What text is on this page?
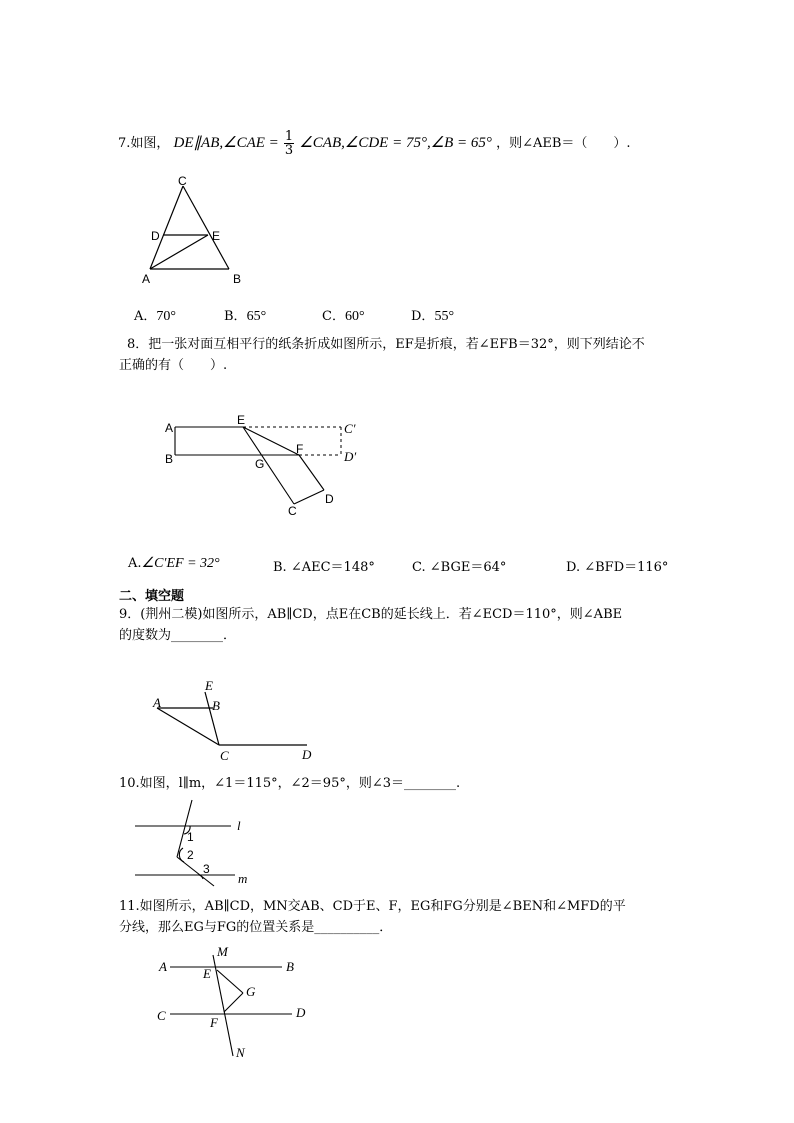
7.如图， DE∥AB,∠CAE = $\frac{1}{3}$ ∠CAB,∠CDE = 75°,∠B = 65° ，则∠AEB＝（　　）.
C
D	E
A	B
A．70°	B．65°	C．60°	D．55°
8．把一张对面互相平行的纸条折成如图所示，EF是折痕，若∠EFB＝32°，则下列结论不
正确的有（　　）.
A
B
E
F
G
C
D
C′
D′
A.∠C′EF = 32°	B. ∠AEC＝148°	C. ∠BGE＝64°	D. ∠BFD＝116°
二、填空题
9．(荆州二模)如图所示，AB∥CD，点E在CB的延长线上．若∠ECD＝110°，则∠ABE
的度数为________．
A	B
C	D
E
10.如图，l∥m，∠1＝115°，∠2＝95°，则∠3＝________.
l
m
1
2
3
11.如图所示，AB∥CD，MN交AB、CD于E、F，EG和FG分别是∠BEN和∠MFD的平
分线，那么EG与FG的位置关系是__________．
A	B
C	D
E
F
G
M
N
